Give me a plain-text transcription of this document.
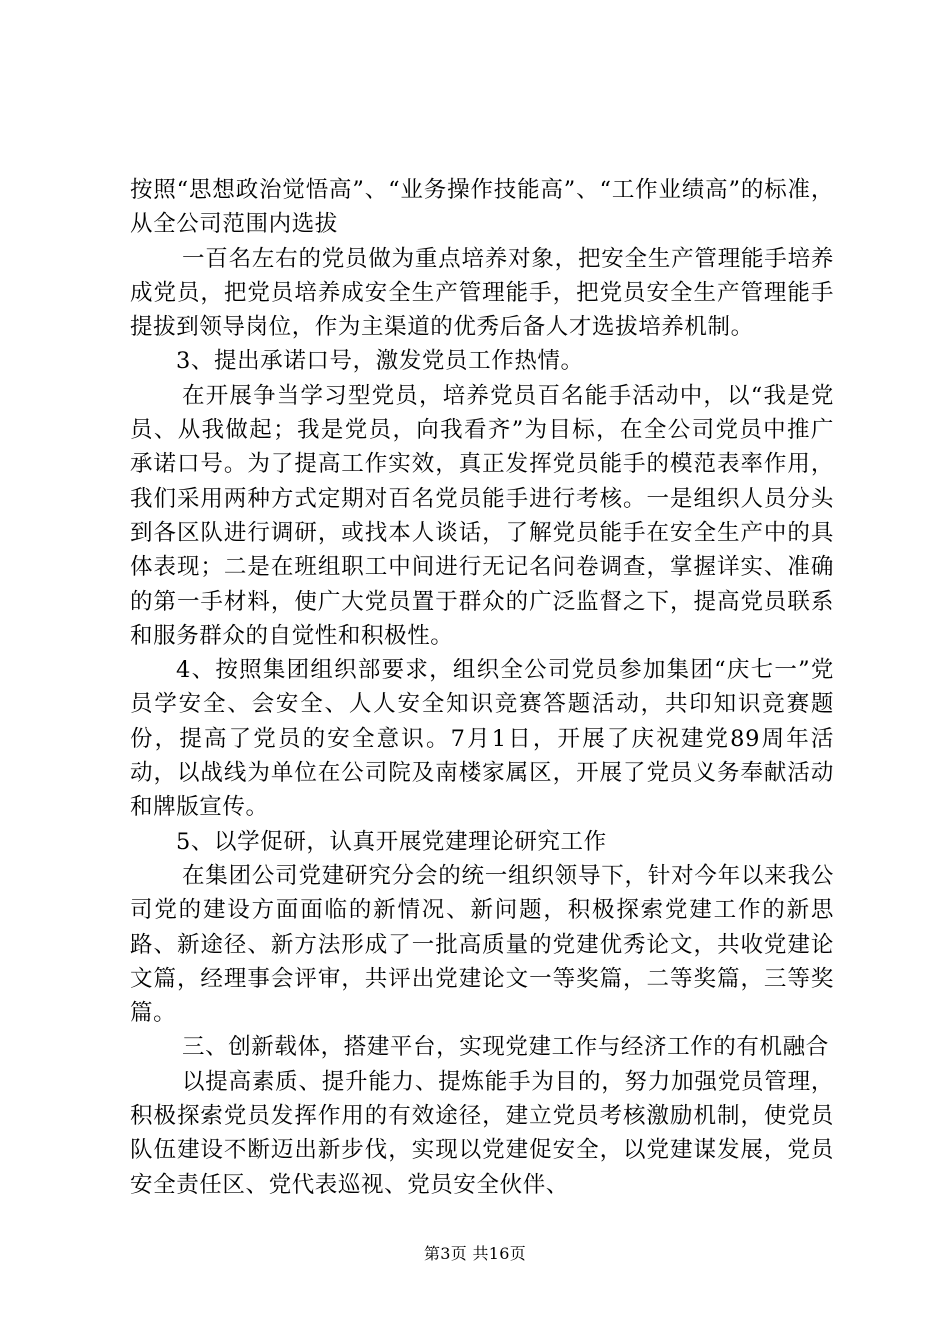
按照“思想政治觉悟高”、“业务操作技能高”、“工作业绩高”的标准，从全公司范围内选拔

一百名左右的党员做为重点培养对象，把安全生产管理能手培养成党员，把党员培养成安全生产管理能手，把党员安全生产管理能手提拔到领导岗位，作为主渠道的优秀后备人才选拔培养机制。

3、提出承诺口号，激发党员工作热情。

在开展争当学习型党员，培养党员百名能手活动中，以“我是党员、从我做起；我是党员，向我看齐”为目标，在全公司党员中推广承诺口号。为了提高工作实效，真正发挥党员能手的模范表率作用，我们采用两种方式定期对百名党员能手进行考核。一是组织人员分头到各区队进行调研，或找本人谈话，了解党员能手在安全生产中的具体表现；二是在班组职工中间进行无记名问卷调查，掌握详实、准确的第一手材料，使广大党员置于群众的广泛监督之下，提高党员联系和服务群众的自觉性和积极性。

4、按照集团组织部要求，组织全公司党员参加集团“庆七一”党员学安全、会安全、人人安全知识竞赛答题活动，共印知识竞赛题份，提高了党员的安全意识。7月1日，开展了庆祝建党89周年活动，以战线为单位在公司院及南楼家属区，开展了党员义务奉献活动和牌版宣传。

5、以学促研，认真开展党建理论研究工作

在集团公司党建研究分会的统一组织领导下，针对今年以来我公司党的建设方面面临的新情况、新问题，积极探索党建工作的新思路、新途径、新方法形成了一批高质量的党建优秀论文，共收党建论文篇，经理事会评审，共评出党建论文一等奖篇，二等奖篇，三等奖篇。

三、创新载体，搭建平台，实现党建工作与经济工作的有机融合

以提高素质、提升能力、提炼能手为目的，努力加强党员管理，积极探索党员发挥作用的有效途径，建立党员考核激励机制，使党员队伍建设不断迈出新步伐，实现以党建促安全，以党建谋发展，党员安全责任区、党代表巡视、党员安全伙伴、

第3页 共16页
